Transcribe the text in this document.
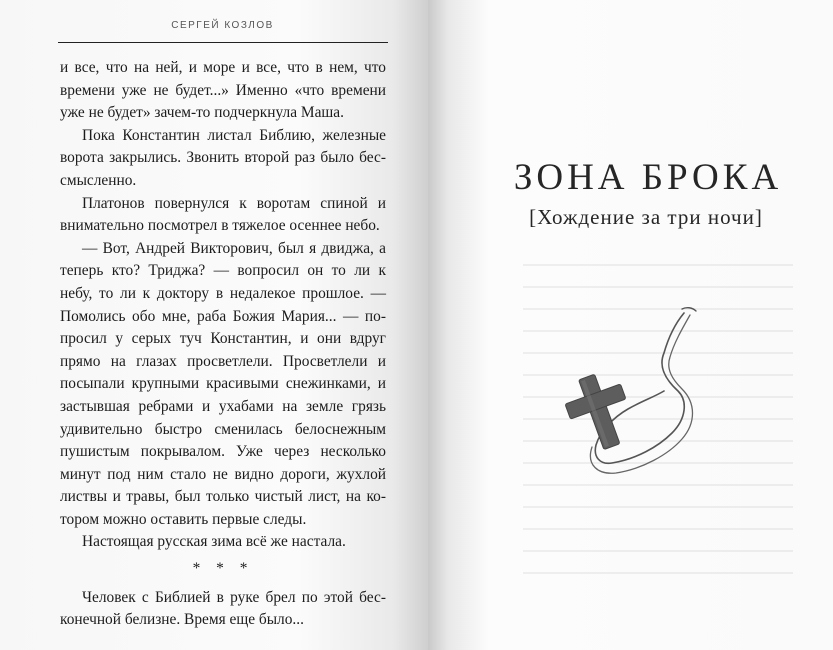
СЕРГЕЙ КОЗЛОВ

и все, что на ней, и море и все, что в нем, что времени уже не будет...» Именно «что времени уже не будет» зачем-то подчеркнула Маша.

Пока Константин листал Библию, железные ворота закрылись. Звонить второй раз было бессмысленно.

Платонов повернулся к воротам спиной и внимательно посмотрел в тяжелое осеннее небо.

— Вот, Андрей Викторович, был я двиджа, а теперь кто? Триджа? — вопросил он то ли к небу, то ли к доктору в недалекое прошлое. — Помолись обо мне, раба Божия Мария... — попросил у серых туч Константин, и они вдруг прямо на глазах просветлели. Просветлели и посыпали крупными красивыми снежинками, и застывшая ребрами и ухабами на земле грязь удивительно быстро сменилась белоснежным пушистым покрывалом. Уже через несколько минут под ним стало не видно дороги, жухлой листвы и травы, был только чистый лист, на котором можно оставить первые следы.

Настоящая русская зима всё же настала.

* * *

Человек с Библией в руке брел по этой бесконечной белизне. Время еще было...

ЗОНА БРОКА
[Хождение за три ночи]
